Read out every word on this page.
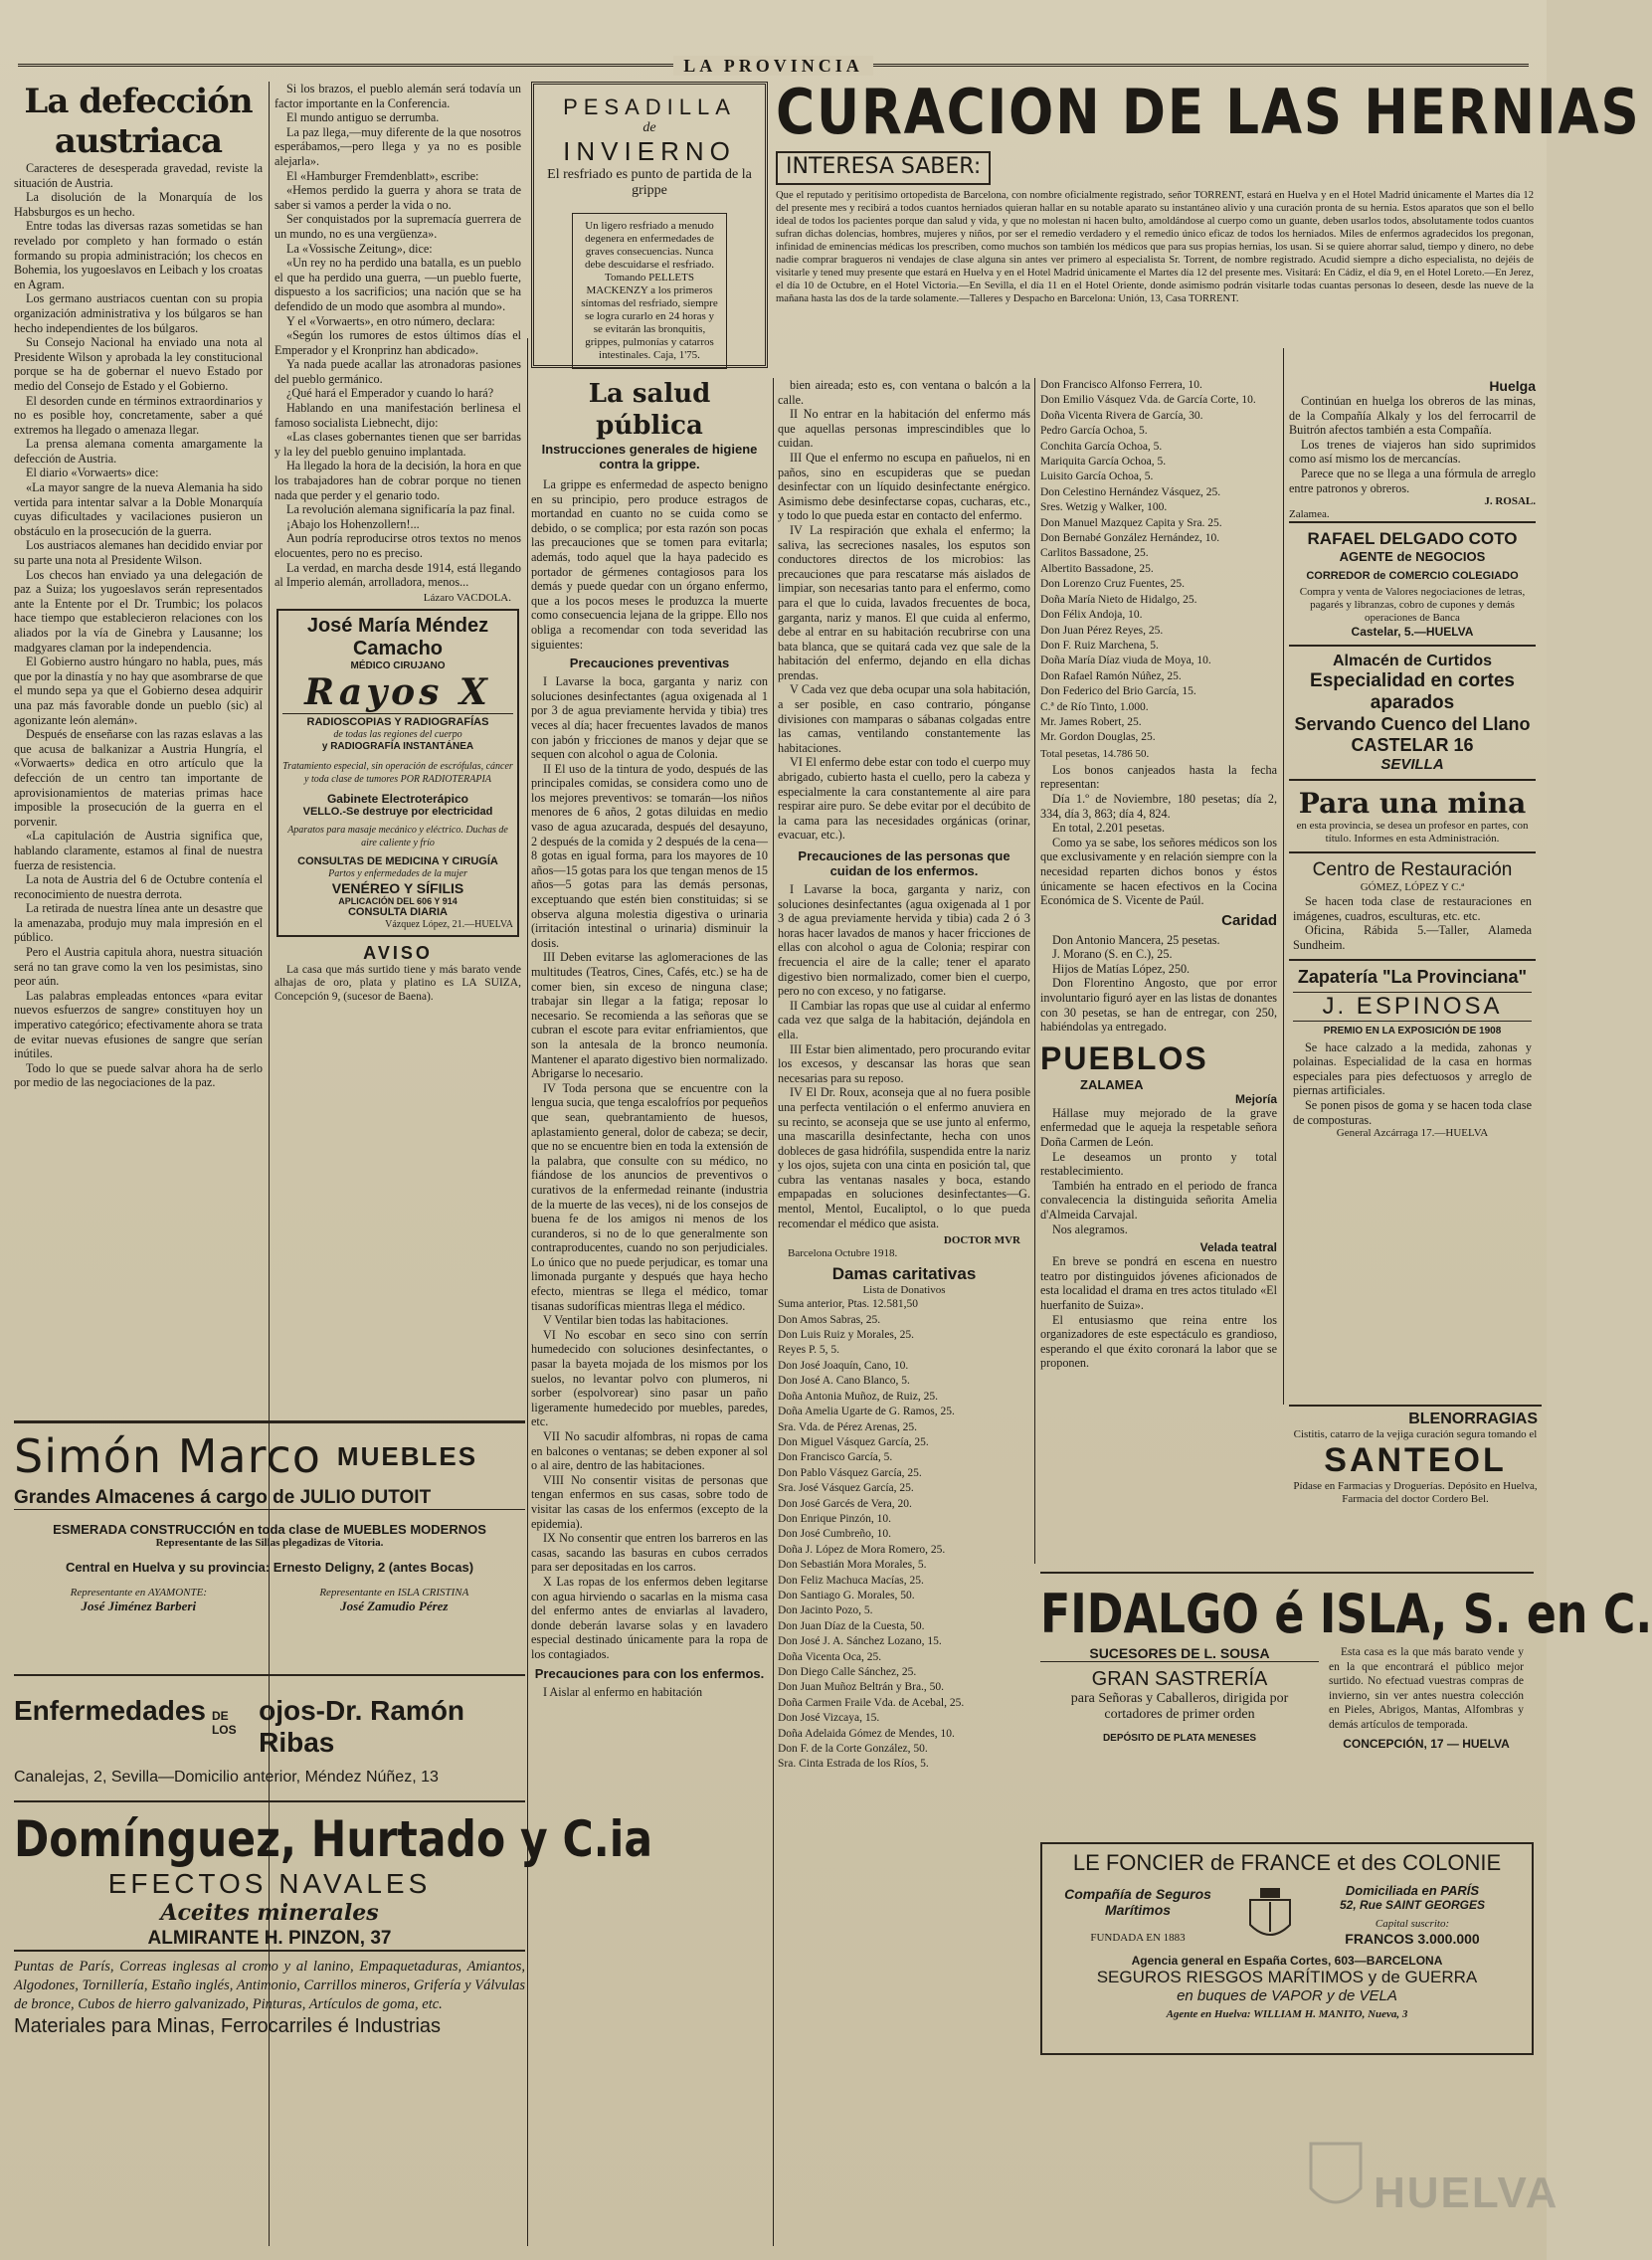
LA PROVINCIA
La defección austriaca

Caracteres de desesperada gravedad, reviste la situación de Austria.

La disolución de la Monarquía de los Habsburgos es un hecho.

Entre todas las diversas razas sometidas se han revelado por completo y han formado o están formando su propia administración; los checos en Bohemia, los yugoeslavos en Leibach y los croatas en Agram.

Los germano austriacos cuentan con su propia organización administrativa y los búlgaros se han hecho independientes de los búlgaros.

Su Consejo Nacional ha enviado una nota al Presidente Wilson y aprobada la ley constitucional porque se ha de gobernar el nuevo Estado por medio del Consejo de Estado y el Gobierno.

El desorden cunde en términos extraordinarios y no es posible hoy, concretamente, saber a qué extremos ha llegado o amenaza llegar.

La prensa alemana comenta amargamente la defección de Austria.

El diario «Vorwaerts» dice:

«La mayor sangre de la nueva Alemania ha sido vertida para intentar salvar a la Doble Monarquía cuyas dificultades y vacilaciones pusieron un obstáculo en la prosecución de la guerra.

Los austriacos alemanes han decidido enviar por su parte una nota al Presidente Wilson.

Los checos han enviado ya una delegación de paz a Suiza; los yugoeslavos serán representados ante la Entente por el Dr. Trumbic; los polacos hace tiempo que establecieron relaciones con los aliados por la vía de Ginebra y Lausanne; los madgyares claman por la independencia.

El Gobierno austro húngaro no habla, pues, más que por la dinastía y no hay que asombrarse de que el mundo sepa ya que el Gobierno desea adquirir una paz más favorable donde un pueblo (sic) al agonizante león alemán».

Después de enseñarse con las razas eslavas a las que acusa de balkanizar a Austria Hungría, el «Vorwaerts» dedica en otro artículo que la defección de un centro tan importante de aprovisionamientos de materias primas hace imposible la prosecución de la guerra en el porvenir.

«La capitulación de Austria significa que, hablando claramente, estamos al final de nuestra fuerza de resistencia.

La nota de Austria del 6 de Octubre contenía el reconocimiento de nuestra derrota.

La retirada de nuestra línea ante un desastre que la amenazaba, produjo muy mala impresión en el público.

Pero el Austria capitula ahora, nuestra situación será no tan grave como la ven los pesimistas, sino peor aún.

Las palabras empleadas entonces «para evitar nuevos esfuerzos de sangre» constituyen hoy un imperativo categórico; efectivamente ahora se trata de evitar nuevas efusiones de sangre que serían inútiles.

Todo lo que se puede salvar ahora ha de serlo por medio de las negociaciones de la paz.

Si los brazos, el pueblo alemán será todavía un factor importante en la Conferencia.

El mundo antiguo se derrumba.

La paz llega,—muy diferente de la que nosotros esperábamos,—pero llega y ya no es posible alejarla».

El «Hamburger Fremdenblatt», escribe:

«Hemos perdido la guerra y ahora se trata de saber si vamos a perder la vida o no.

Ser conquistados por la supremacía guerrera de un mundo, no es una vergüenza».

La «Vossische Zeitung», dice:

«Un rey no ha perdido una batalla, es un pueblo el que ha perdido una guerra, —un pueblo fuerte, dispuesto a los sacrificios; una nación que se ha defendido de un modo que asombra al mundo».

Y el «Vorwaerts», en otro número, declara:

«Según los rumores de estos últimos días el Emperador y el Kronprinz han abdicado».

Ya nada puede acallar las atronadoras pasiones del pueblo germánico.

¿Qué hará el Emperador y cuando lo hará?

Hablando en una manifestación berlinesa el famoso socialista Liebnecht, dijo:

«Las clases gobernantes tienen que ser barridas y la ley del pueblo genuino implantada.

Ha llegado la hora de la decisión, la hora en que los trabajadores han de cobrar porque no tienen nada que perder y el genario todo.

La revolución alemana significaría la paz final.

¡Abajo los Hohenzollern!...

Aun podría reproducirse otros textos no menos elocuentes, pero no es preciso.

La verdad, en marcha desde 1914, está llegando al Imperio alemán, arrolladora, menos...

Lázaro VACDOLA.

José María Méndez Camacho
MÉDICO CIRUJANO
Rayos X
RADIOSCOPIAS Y RADIOGRAFÍAS
de todas las regiones del cuerpo
y RADIOGRAFÍA INSTANTÁNEA
Tratamiento especial, sin operación de escrófulas, cáncer y toda clase de tumores POR RADIOTERAPIA
Gabinete Electroterápico
VELLO.-Se destruye por electricidad
Aparatos para masaje mecánico y eléctrico. Duchas de aire caliente y frío
CONSULTAS DE MEDICINA Y CIRUGÍA
Partos y enfermedades de la mujer
VENÉREO Y SÍFILIS
APLICACIÓN DEL 606 Y 914
CONSULTA DIARIA
Vázquez López, 21.—HUELVA
AVISO

La casa que más surtido tiene y más barato vende alhajas de oro, plata y platino es LA SUIZA, Concepción 9, (sucesor de Baena).

PESADILLA
de
INVIERNO
El resfriado es punto de partida de la grippe
Un ligero resfriado a menudo degenera en enfermedades de graves consecuencias. Nunca debe descuidarse el resfriado. Tomando PELLETS MACKENZY a los primeros síntomas del resfriado, siempre se logra curarlo en 24 horas y se evitarán las bronquitis, grippes, pulmonías y catarros intestinales. Caja, 1'75.
CURACION DE LAS HERNIAS
INTERESA SABER:

Que el reputado y peritísimo ortopedista de Barcelona, con nombre oficialmente registrado, señor TORRENT, estará en Huelva y en el Hotel Madrid únicamente el Martes día 12 del presente mes y recibirá a todos cuantos herniados quieran hallar en su notable aparato su instantáneo alivio y una curación pronta de su hernia. Estos aparatos que son el bello ideal de todos los pacientes porque dan salud y vida, y que no molestan ni hacen bulto, amoldándose al cuerpo como un guante, deben usarlos todos, absolutamente todos cuantos sufran dichas dolencias, hombres, mujeres y niños, por ser el remedio verdadero y el remedio único eficaz de todos los herniados. Miles de enfermos agradecidos los pregonan, infinidad de eminencias médicas los prescriben, como muchos son también los médicos que para sus propias hernias, los usan. Si se quiere ahorrar salud, tiempo y dinero, no debe nadie comprar bragueros ni vendajes de clase alguna sin antes ver primero al especialista Sr. Torrent, de nombre registrado. Acudid siempre a dicho especialista, no dejéis de visitarle y tened muy presente que estará en Huelva y en el Hotel Madrid únicamente el Martes día 12 del presente mes. Visitará: En Cádiz, el día 9, en el Hotel Loreto.—En Jerez, el día 10 de Octubre, en el Hotel Victoria.—En Sevilla, el día 11 en el Hotel Oriente, donde asimismo podrán visitarle todas cuantas personas lo deseen, desde las nueve de la mañana hasta las dos de la tarde solamente.—Talleres y Despacho en Barcelona: Unión, 13, Casa TORRENT.

La salud pública
Instrucciones generales de higiene contra la grippe.

La grippe es enfermedad de aspecto benigno en su principio, pero produce estragos de mortandad en cuanto no se cuida como se debido, o se complica; por esta razón son pocas las precauciones que se tomen para evitarla; además, todo aquel que la haya padecido es portador de gérmenes contagiosos para los demás y puede quedar con un órgano enfermo, que a los pocos meses le produzca la muerte como consecuencia lejana de la grippe. Ello nos obliga a recomendar con toda severidad las siguientes:

Precauciones preventivas

I Lavarse la boca, garganta y nariz con soluciones desinfectantes (agua oxigenada al 1 por 3 de agua previamente hervida y tibia) tres veces al día; hacer frecuentes lavados de manos con jabón y fricciones de manos y dejar que se sequen con alcohol o agua de Colonia.

II El uso de la tintura de yodo, después de las principales comidas, se considera como uno de los mejores preventivos: se tomarán—los niños menores de 6 años, 2 gotas diluidas en medio vaso de agua azucarada, después del desayuno, 2 después de la comida y 2 después de la cena—8 gotas en igual forma, para los mayores de 10 años—15 gotas para los que tengan menos de 15 años—5 gotas para las demás personas, exceptuando que estén bien constituidas; si se observa alguna molestia digestiva o urinaria (irritación intestinal o urinaria) disminuir la dosis.

III Deben evitarse las aglomeraciones de las multitudes (Teatros, Cines, Cafés, etc.) se ha de comer bien, sin exceso de ninguna clase; trabajar sin llegar a la fatiga; reposar lo necesario. Se recomienda a las señoras que se cubran el escote para evitar enfriamientos, que son la antesala de la bronco neumonía. Mantener el aparato digestivo bien normalizado. Abrigarse lo necesario.

IV Toda persona que se encuentre con la lengua sucia, que tenga escalofríos por pequeños que sean, quebrantamiento de huesos, aplastamiento general, dolor de cabeza; se decir, que no se encuentre bien en toda la extensión de la palabra, que consulte con su médico, no fiándose de los anuncios de preventivos o curativos de la enfermedad reinante (industria de la muerte de las veces), ni de los consejos de buena fe de los amigos ni menos de los curanderos, si no de lo que generalmente son contraproducentes, cuando no son perjudiciales. Lo único que no puede perjudicar, es tomar una limonada purgante y después que haya hecho efecto, mientras se llega el médico, tomar tisanas sudoríficas mientras llega el médico.

V Ventilar bien todas las habitaciones.

VI No escobar en seco sino con serrín humedecido con soluciones desinfectantes, o pasar la bayeta mojada de los mismos por los suelos, no levantar polvo con plumeros, ni sorber (espolvorear) sino pasar un paño ligeramente humedecido por muebles, paredes, etc.

VII No sacudir alfombras, ni ropas de cama en balcones o ventanas; se deben exponer al sol o al aire, dentro de las habitaciones.

VIII No consentir visitas de personas que tengan enfermos en sus casas, sobre todo de visitar las casas de los enfermos (excepto de la epidemia).

IX No consentir que entren los barreros en las casas, sacando las basuras en cubos cerrados para ser depositadas en los carros.

X Las ropas de los enfermos deben legitarse con agua hirviendo o sacarlas en la misma casa del enfermo antes de enviarlas al lavadero, donde deberán lavarse solas y en lavadero especial destinado únicamente para la ropa de los contagiados.

Precauciones para con los enfermos.

I Aislar al enfermo en habitación

bien aireada; esto es, con ventana o balcón a la calle.

II No entrar en la habitación del enfermo más que aquellas personas imprescindibles que lo cuidan.

III Que el enfermo no escupa en pañuelos, ni en paños, sino en escupideras que se puedan desinfectar con un líquido desinfectante enérgico. Asimismo debe desinfectarse copas, cucharas, etc., y todo lo que pueda estar en contacto del enfermo.

IV La respiración que exhala el enfermo; la saliva, las secreciones nasales, los esputos son conductores directos de los microbios: las precauciones que para rescatarse más aislados de limpiar, son necesarias tanto para el enfermo, como para el que lo cuida, lavados frecuentes de boca, garganta, nariz y manos. El que cuida al enfermo, debe al entrar en su habitación recubrirse con una bata blanca, que se quitará cada vez que sale de la habitación del enfermo, dejando en ella dichas prendas.

V Cada vez que deba ocupar una sola habitación, a ser posible, en caso contrario, pónganse divisiones con mamparas o sábanas colgadas entre las camas, ventilando constantemente las habitaciones.

VI El enfermo debe estar con todo el cuerpo muy abrigado, cubierto hasta el cuello, pero la cabeza y especialmente la cara constantemente al aire para respirar aire puro. Se debe evitar por el decúbito de la cama para las necesidades orgánicas (orinar, evacuar, etc.).

Precauciones de las personas que cuidan de los enfermos.

I Lavarse la boca, garganta y nariz, con soluciones desinfectantes (agua oxigenada al 1 por 3 de agua previamente hervida y tibia) cada 2 ó 3 horas hacer lavados de manos y hacer fricciones de ellas con alcohol o agua de Colonia; respirar con frecuencia el aire de la calle; tener el aparato digestivo bien normalizado, comer bien el cuerpo, pero no con exceso, y no fatigarse.

II Cambiar las ropas que use al cuidar al enfermo cada vez que salga de la habitación, dejándola en ella.

III Estar bien alimentado, pero procurando evitar los excesos, y descansar las horas que sean necesarias para su reposo.

IV El Dr. Roux, aconseja que al no fuera posible una perfecta ventilación o el enfermo anuviera en su recinto, se aconseja que se use junto al enfermo, una mascarilla desinfectante, hecha con unos dobleces de gasa hidrófila, suspendida entre la nariz y los ojos, sujeta con una cinta en posición tal, que cubra las ventanas nasales y boca, estando empapadas en soluciones desinfectantes—G. mentol, Mentol, Eucaliptol, o lo que pueda recomendar el médico que asista.

DOCTOR MVR

Barcelona Octubre 1918.

Damas caritativas
Lista de Donativos
Suma anterior, Ptas. 12.581,50
Don Amos Sabras, 25.
Don Luis Ruiz y Morales, 25.
Reyes P. 5, 5.
Don José Joaquín, Cano, 10.
Don José A. Cano Blanco, 5.
Doña Antonia Muñoz, de Ruiz, 25.
Doña Amelia Ugarte de G. Ramos, 25.
Sra. Vda. de Pérez Arenas, 25.
Don Miguel Vásquez García, 25.
Don Francisco García, 5.
Don Pablo Vásquez García, 25.
Sra. José Vásquez García, 25.
Don José Garcés de Vera, 20.
Don Enrique Pinzón, 10.
Don José Cumbreño, 10.
Doña J. López de Mora Romero, 25.
Don Sebastián Mora Morales, 5.
Don Feliz Machuca Macías, 25.
Don Santiago G. Morales, 50.
Don Jacinto Pozo, 5.
Don Juan Díaz de la Cuesta, 50.
Don José J. A. Sánchez Lozano, 15.
Doña Vicenta Oca, 25.
Don Diego Calle Sánchez, 25.
Don Juan Muñoz Beltrán y Bra., 50.
Doña Carmen Fraile Vda. de Acebal, 25.
Don José Vizcaya, 15.
Doña Adelaida Gómez de Mendes, 10.
Don F. de la Corte González, 50.
Sra. Cinta Estrada de los Ríos, 5.
Don Francisco Alfonso Ferrera, 10.
Don Emilio Vásquez Vda. de García Corte, 10.
Doña Vicenta Rivera de García, 30.
Pedro García Ochoa, 5.
Conchita García Ochoa, 5.
Mariquita García Ochoa, 5.
Luisito García Ochoa, 5.
Don Celestino Hernández Vásquez, 25.
Sres. Wetzig y Walker, 100.
Don Manuel Mazquez Capita y Sra. 25.
Don Bernabé González Hernández, 10.
Carlitos Bassadone, 25.
Albertito Bassadone, 25.
Don Lorenzo Cruz Fuentes, 25.
Doña María Nieto de Hidalgo, 25.
Don Félix Andoja, 10.
Don Juan Pérez Reyes, 25.
Don F. Ruiz Marchena, 5.
Doña María Díaz viuda de Moya, 10.
Don Rafael Ramón Núñez, 25.
Don Federico del Brio García, 15.
C.ª de Río Tinto, 1.000.
Mr. James Robert, 25.
Mr. Gordon Douglas, 25.

Total pesetas, 14.786 50.

Los bonos canjeados hasta la fecha representan:

Día 1.º de Noviembre, 180 pesetas; día 2, 334, día 3, 863; día 4, 824.

En total, 2.201 pesetas.

Como ya se sabe, los señores médicos son los que exclusivamente y en relación siempre con la necesidad reparten dichos bonos y éstos únicamente se hacen efectivos en la Cocina Económica de S. Vicente de Paúl.

Caridad

Don Antonio Mancera, 25 pesetas.

J. Morano (S. en C.), 25.

Hijos de Matías López, 250.

Don Florentino Angosto, que por error involuntario figuró ayer en las listas de donantes con 30 pesetas, se han de entregar, con 250, habiéndolas ya entregado.

PUEBLOS
ZALAMEA
Mejoría

Hállase muy mejorado de la grave enfermedad que le aqueja la respetable señora Doña Carmen de León.

Le deseamos un pronto y total restablecimiento.

También ha entrado en el periodo de franca convalecencia la distinguida señorita Amelia d'Almeida Carvajal.

Nos alegramos.

Velada teatral

En breve se pondrá en escena en nuestro teatro por distinguidos jóvenes aficionados de esta localidad el drama en tres actos titulado «El huerfanito de Suiza».

El entusiasmo que reina entre los organizadores de este espectáculo es grandioso, esperando el que éxito coronará la labor que se proponen.

Huelga

Continúan en huelga los obreros de las minas, de la Compañía Alkaly y los del ferrocarril de Buitrón afectos también a esta Compañía.

Los trenes de viajeros han sido suprimidos como así mismo los de mercancías.

Parece que no se llega a una fórmula de arreglo entre patronos y obreros.

J. ROSAL.

Zalamea.

RAFAEL DELGADO COTO
AGENTE de NEGOCIOS
CORREDOR de COMERCIO COLEGIADO
Compra y venta de Valores negociaciones de letras, pagarés y libranzas, cobro de cupones y demás operaciones de Banca
Castelar, 5.—HUELVA
Almacén de Curtidos
Especialidad en cortes aparados
Servando Cuenco del Llano
CASTELAR 16
SEVILLA
Para una mina
en esta provincia, se desea un profesor en partes, con título. Informes en esta Administración.
Centro de Restauración
GÓMEZ, LÓPEZ Y C.ª

Se hacen toda clase de restauraciones en imágenes, cuadros, esculturas, etc. etc.

Oficina, Rábida 5.—Taller, Alameda Sundheim.

Zapatería "La Provinciana"
J. ESPINOSA
PREMIO EN LA EXPOSICIÓN DE 1908

Se hace calzado a la medida, zahonas y polainas. Especialidad de la casa en hormas especiales para pies defectuosos y arreglo de piernas artificiales.

Se ponen pisos de goma y se hacen toda clase de composturas.

General Azcárraga 17.—HUELVA
BLENORRAGIAS
Cistitis, catarro de la vejiga curación segura tomando el
SANTEOL
Pídase en Farmacias y Droguerías. Depósito en Huelva, Farmacia del doctor Cordero Bel.
Simón Marco MUEBLES
Grandes Almacenes á cargo de JULIO DUTOIT
ESMERADA CONSTRUCCIÓN en toda clase de MUEBLES MODERNOS
Representante de las Sillas plegadizas de Vitoria.
Central en Huelva y su provincia: Ernesto Deligny, 2 (antes Bocas)
Representante en AYAMONTE:
José Jiménez Barberi
Representante en ISLA CRISTINA
José Zamudio Pérez
Enfermedades DE LOS
ojos-Dr. Ramón Ribas
Canalejas, 2, Sevilla—Domicilio anterior, Méndez Núñez, 13
Domínguez, Hurtado y C.ia
EFECTOS NAVALES
Aceites minerales
ALMIRANTE H. PINZON, 37

Puntas de París, Correas inglesas al cromo y al lanino, Empaquetaduras, Amiantos, Algodones, Tornillería, Estaño inglés, Antimonio, Carrillos mineros, Grifería y Válvulas de bronce, Cubos de hierro galvanizado, Pinturas, Artículos de goma, etc.

Materiales para Minas, Ferrocarriles é Industrias
FIDALGO é ISLA, S. en C.
SUCESORES DE L. SOUSA
GRAN SASTRERÍA
para Señoras y Caballeros, dirigida por cortadores de primer orden
DEPÓSITO DE PLATA MENESES

Esta casa es la que más barato vende y en la que encontrará el público mejor surtido. No efectuad vuestras compras de invierno, sin ver antes nuestra colección en Pieles, Abrigos, Mantas, Alfombras y demás artículos de temporada.

CONCEPCIÓN, 17 — HUELVA
LE FONCIER de FRANCE et des COLONIE
Compañía de Seguros Marítimos
FUNDADA EN 1883
Domiciliada en PARÍS
52, Rue SAINT GEORGES
Capital suscrito:
FRANCOS 3.000.000
Agencia general en España Cortes, 603—BARCELONA
SEGUROS RIESGOS MARÍTIMOS y de GUERRA
en buques de VAPOR y de VELA
Agente en Huelva: WILLIAM H. MANITO, Nueva, 3
HUELVA
